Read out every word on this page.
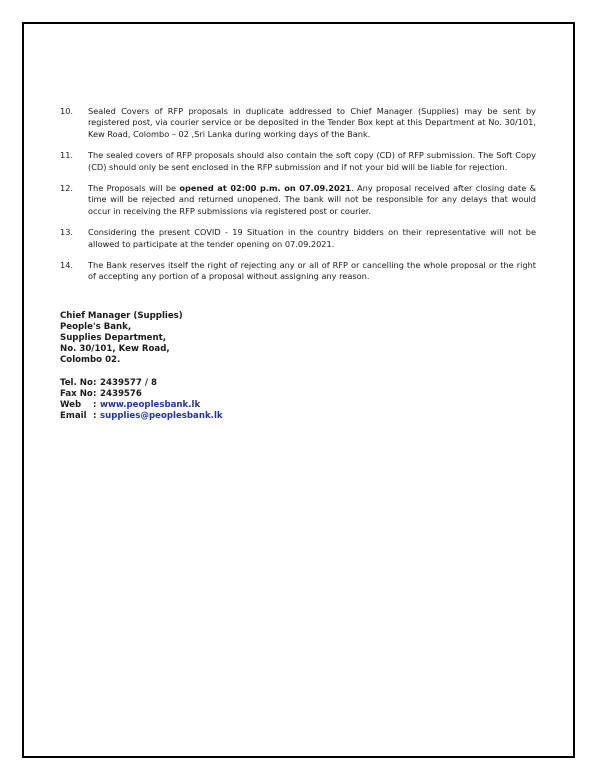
10.	Sealed Covers of RFP proposals in duplicate addressed to Chief Manager (Supplies) may be sent by registered post, via courier service or be deposited in the Tender Box kept at this Department at No. 30/101, Kew Road, Colombo – 02 ,Sri Lanka during working days of the Bank.
11.	The sealed covers of RFP proposals should also contain the soft copy (CD) of RFP submission. The Soft Copy (CD) should only be sent enclosed in the RFP submission and if not your bid will be liable for rejection.
12.	The Proposals will be opened at 02:00 p.m. on 07.09.2021. Any proposal received after closing date & time will be rejected and returned unopened. The bank will not be responsible for any delays that would occur in receiving the RFP submissions via registered post or courier.
13.	Considering the present COVID - 19 Situation in the country bidders on their representative will not be allowed to participate at the tender opening on 07.09.2021.
14.	The Bank reserves itself the right of rejecting any or all of RFP or cancelling the whole proposal or the right of accepting any portion of a proposal without assigning any reason.
Chief Manager (Supplies)
People's Bank,
Supplies Department,
No. 30/101, Kew Road,
Colombo 02.
Tel. No : 2439577 / 8
Fax No : 2439576
Web	: www.peoplesbank.lk
Email : supplies@peoplesbank.lk
